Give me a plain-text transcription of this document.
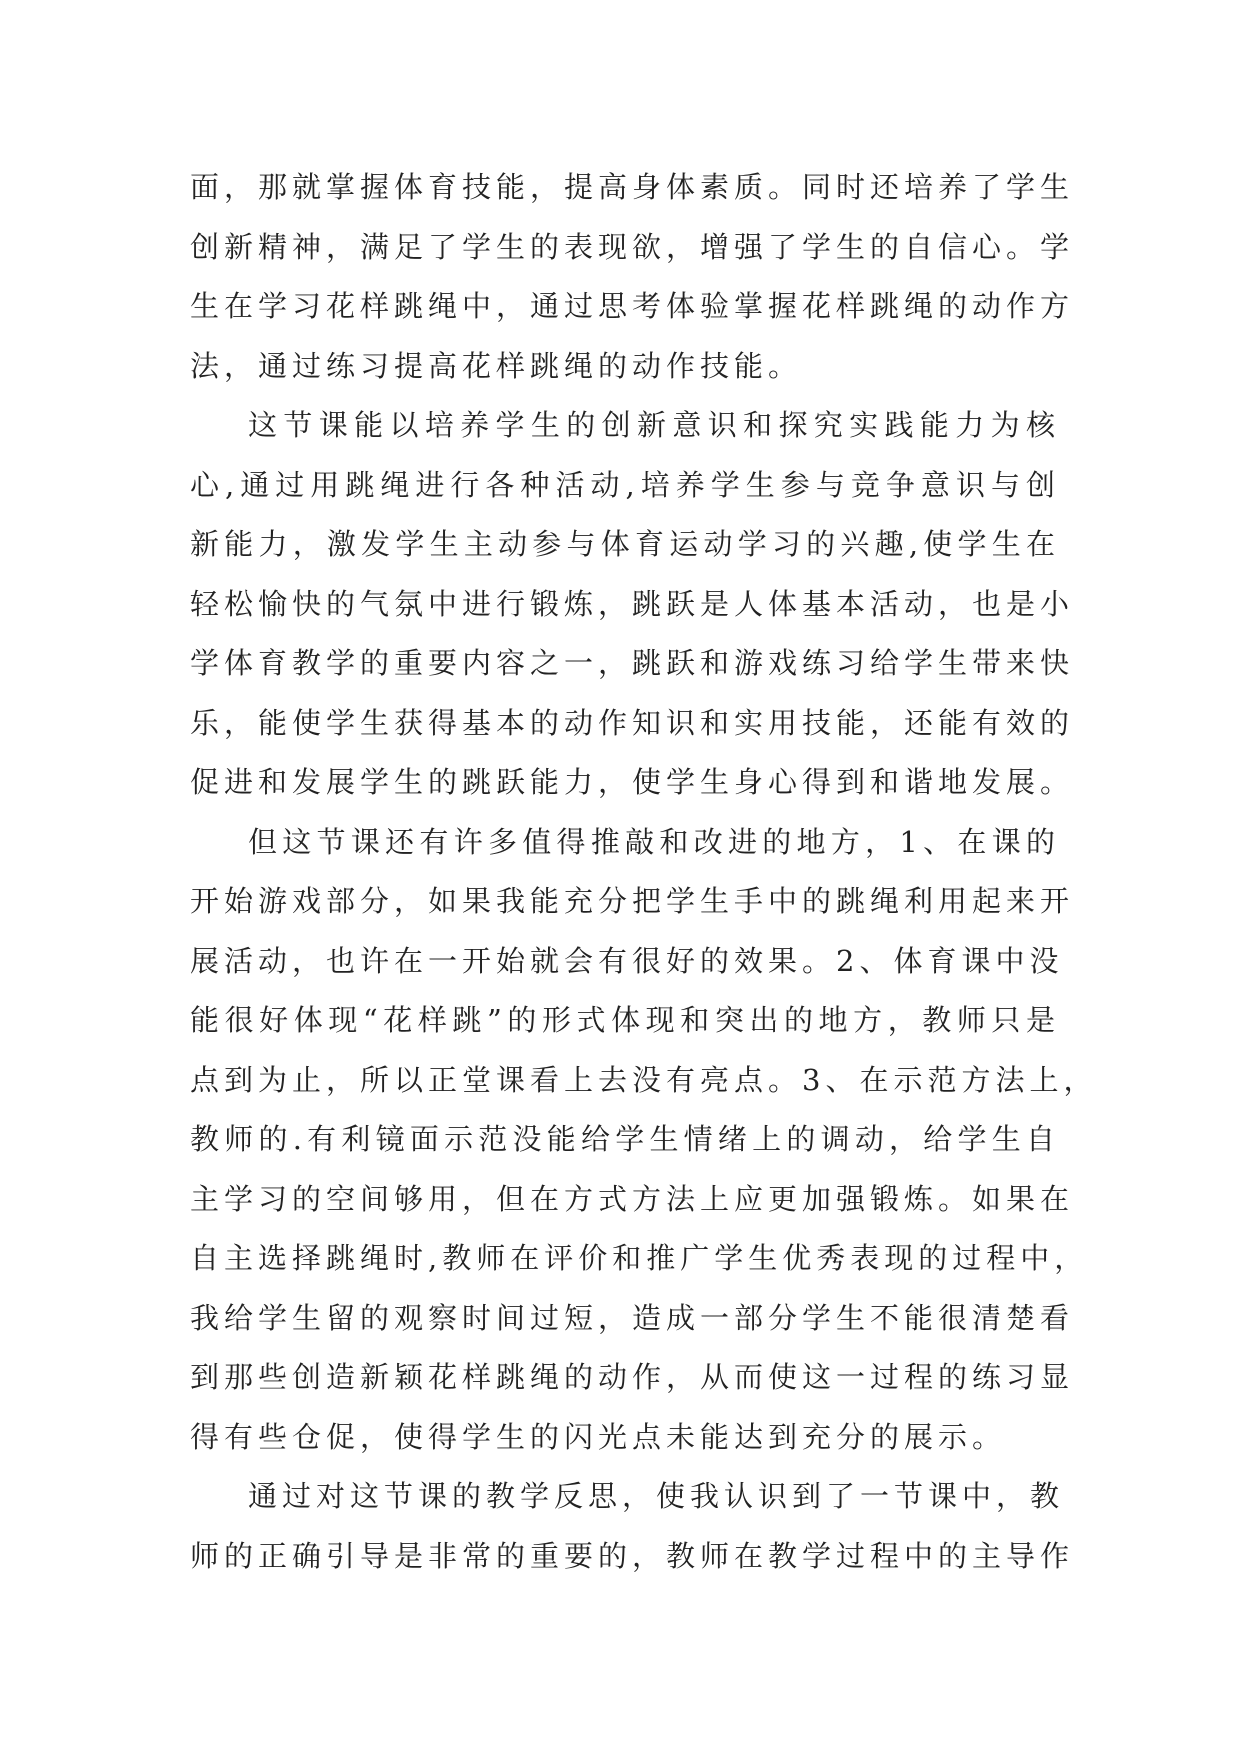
面，那就掌握体育技能，提高身体素质。同时还培养了学生
创新精神，满足了学生的表现欲，增强了学生的自信心。学
生在学习花样跳绳中，通过思考体验掌握花样跳绳的动作方
法，通过练习提高花样跳绳的动作技能。
这节课能以培养学生的创新意识和探究实践能力为核
心,通过用跳绳进行各种活动,培养学生参与竞争意识与创
新能力，激发学生主动参与体育运动学习的兴趣,使学生在
轻松愉快的气氛中进行锻炼，跳跃是人体基本活动，也是小
学体育教学的重要内容之一，跳跃和游戏练习给学生带来快
乐，能使学生获得基本的动作知识和实用技能，还能有效的
促进和发展学生的跳跃能力，使学生身心得到和谐地发展。
但这节课还有许多值得推敲和改进的地方，1、在课的
开始游戏部分，如果我能充分把学生手中的跳绳利用起来开
展活动，也许在一开始就会有很好的效果。2、体育课中没
能很好体现“花样跳”的形式体现和突出的地方，教师只是
点到为止，所以正堂课看上去没有亮点。3、在示范方法上，
教师的.有利镜面示范没能给学生情绪上的调动，给学生自
主学习的空间够用，但在方式方法上应更加强锻炼。如果在
自主选择跳绳时,教师在评价和推广学生优秀表现的过程中，
我给学生留的观察时间过短，造成一部分学生不能很清楚看
到那些创造新颖花样跳绳的动作，从而使这一过程的练习显
得有些仓促，使得学生的闪光点未能达到充分的展示。
通过对这节课的教学反思，使我认识到了一节课中，教
师的正确引导是非常的重要的，教师在教学过程中的主导作
